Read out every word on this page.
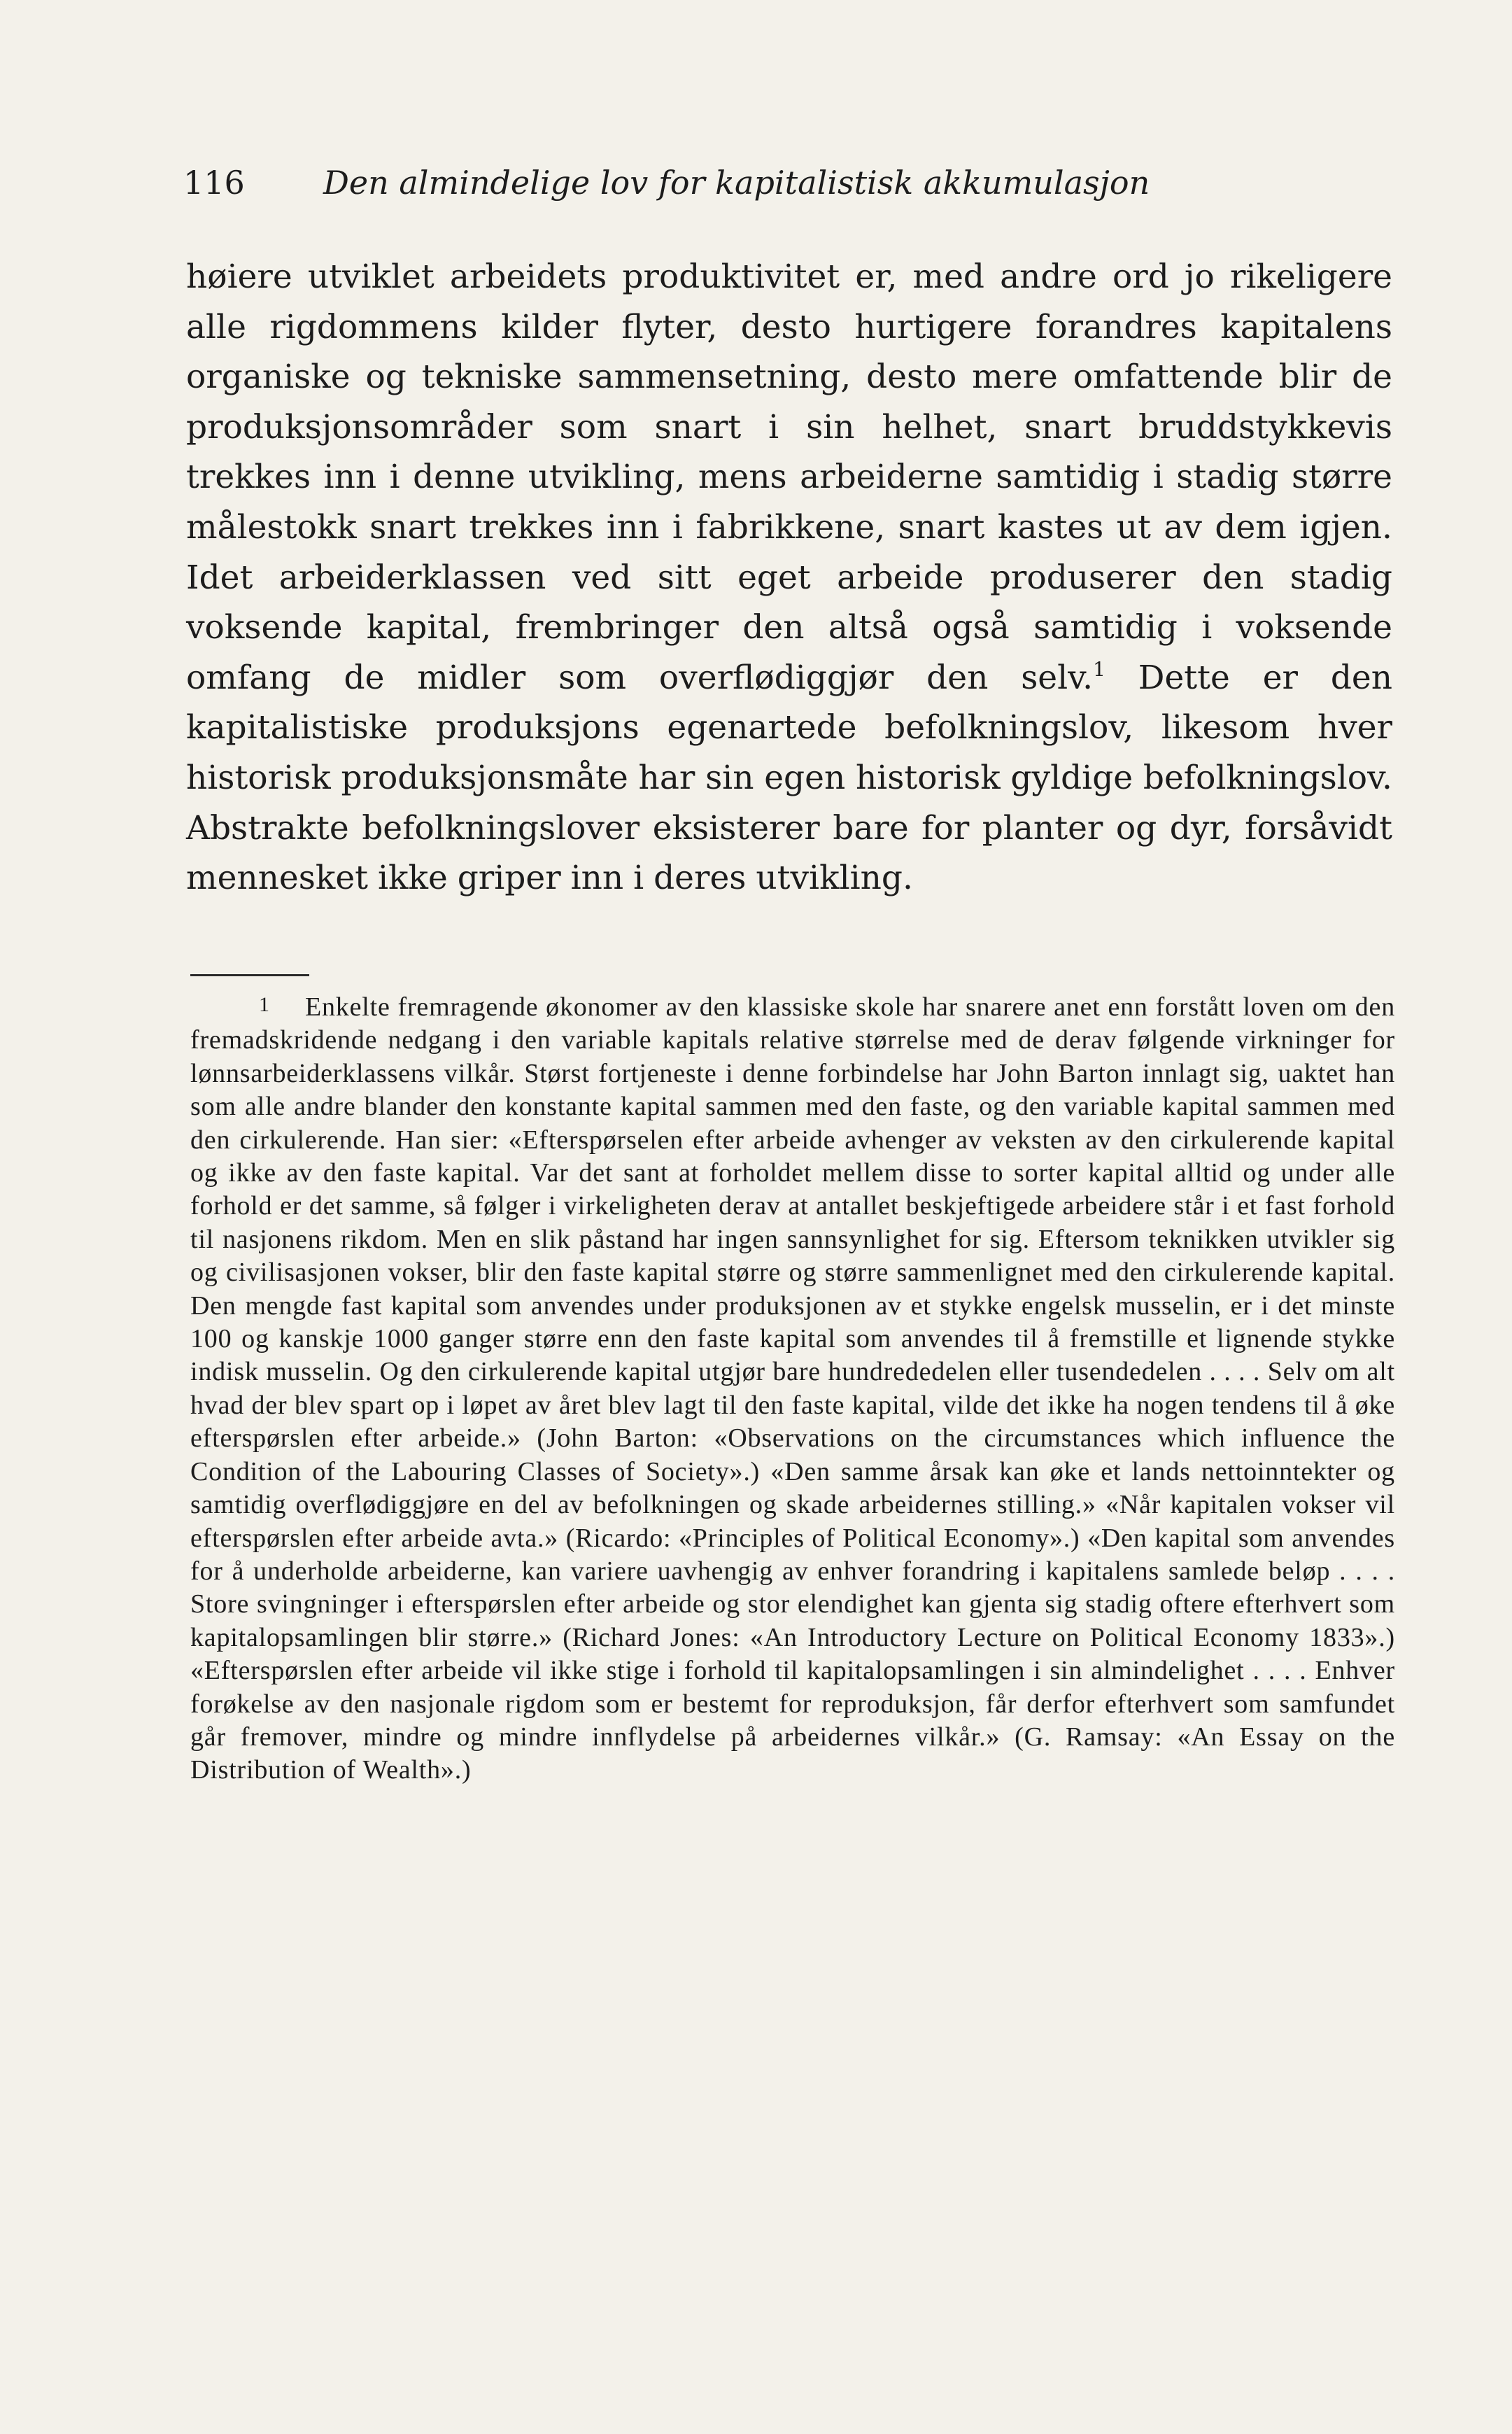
116 Den almindelige lov for kapitalistisk akkumulasjon

høiere utviklet arbeidets produktivitet er, med andre ord jo rikeligere alle rigdommens kilder flyter, desto hurtigere forandres kapitalens organiske og tekniske sammensetning, desto mere omfattende blir de produksjonsområder som snart i sin helhet, snart bruddstykkevis trekkes inn i denne utvikling, mens arbeiderne samtidig i stadig større målestokk snart trekkes inn i fabrikkene, snart kastes ut av dem igjen. Idet arbeiderklassen ved sitt eget arbeide produserer den stadig voksende kapital, frembringer den altså også samtidig i voksende omfang de midler som overflødiggjør den selv.$^1$ Dette er den kapitalistiske produksjons egenartede befolkningslov, likesom hver historisk produksjonsmåte har sin egen historisk gyldige befolkningslov. Abstrakte befolkningslover eksisterer bare for planter og dyr, forsåvidt mennesket ikke griper inn i deres utvikling.

1 Enkelte fremragende økonomer av den klassiske skole har snarere anet enn forstått loven om den fremadskridende nedgang i den variable kapitals relative størrelse med de derav følgende virkninger for lønnsarbeiderklassens vilkår. Størst fortjeneste i denne forbindelse har John Barton innlagt sig, uaktet han som alle andre blander den konstante kapital sammen med den faste, og den variable kapital sammen med den cirkulerende. Han sier: «Efterspørselen efter arbeide avhenger av veksten av den cirkulerende kapital og ikke av den faste kapital. Var det sant at forholdet mellem disse to sorter kapital alltid og under alle forhold er det samme, så følger i virkeligheten derav at antallet beskjeftigede arbeidere står i et fast forhold til nasjonens rikdom. Men en slik påstand har ingen sannsynlighet for sig. Eftersom teknikken utvikler sig og civilisasjonen vokser, blir den faste kapital større og større sammenlignet med den cirkulerende kapital. Den mengde fast kapital som anvendes under produksjonen av et stykke engelsk musselin, er i det minste 100 og kanskje 1000 ganger større enn den faste kapital som anvendes til å fremstille et lignende stykke indisk musselin. Og den cirkulerende kapital utgjør bare hundrededelen eller tusendedelen . . . . Selv om alt hvad der blev spart op i løpet av året blev lagt til den faste kapital, vilde det ikke ha nogen tendens til å øke efterspørslen efter arbeide.» (John Barton: «Observations on the circumstances which influence the Condition of the Labouring Classes of Society».) «Den samme årsak kan øke et lands nettoinntekter og samtidig overflødiggjøre en del av befolkningen og skade arbeidernes stilling.» «Når kapitalen vokser vil efterspørslen efter arbeide avta.» (Ricardo: «Principles of Political Economy».) «Den kapital som anvendes for å underholde arbeiderne, kan variere uavhengig av enhver forandring i kapitalens samlede beløp . . . . Store svingninger i efterspørslen efter arbeide og stor elendighet kan gjenta sig stadig oftere efterhvert som kapitalopsamlingen blir større.» (Richard Jones: «An Introductory Lecture on Political Economy 1833».) «Efterspørslen efter arbeide vil ikke stige i forhold til kapitalopsamlingen i sin almindelighet . . . . Enhver forøkelse av den nasjonale rigdom som er bestemt for reproduksjon, får derfor efterhvert som samfundet går fremover, mindre og mindre innflydelse på arbeidernes vilkår.» (G. Ramsay: «An Essay on the Distribution of Wealth».)
